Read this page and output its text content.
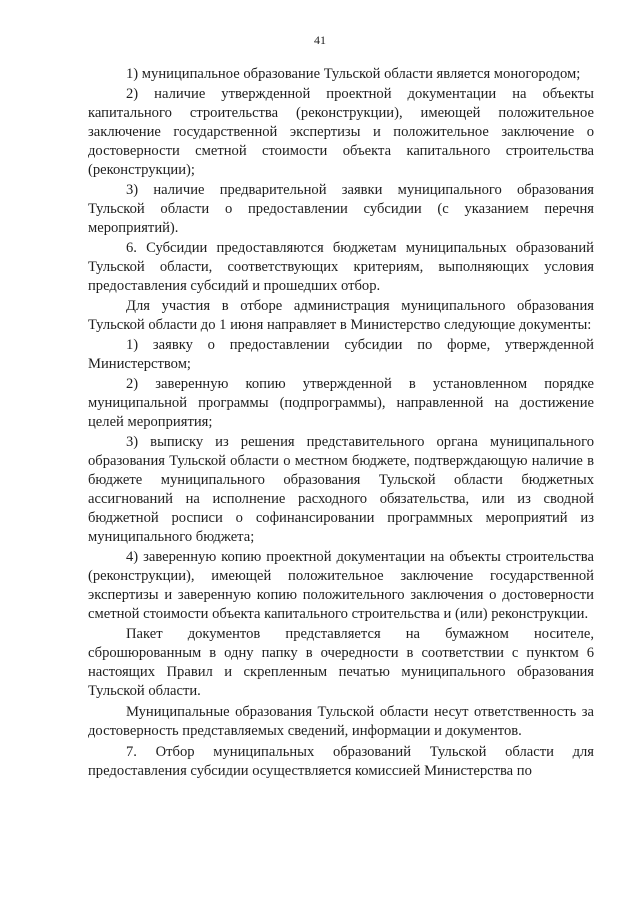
41

1) муниципальное образование Тульской области является моногородом;

2) наличие утвержденной проектной документации на объекты капитального строительства (реконструкции), имеющей положительное заключение государственной экспертизы и положительное заключение о достоверности сметной стоимости объекта капитального строительства (реконструкции);

3) наличие предварительной заявки муниципального образования Тульской области о предоставлении субсидии (с указанием перечня мероприятий).

6. Субсидии предоставляются бюджетам муниципальных образований Тульской области, соответствующих критериям, выполняющих условия предоставления субсидий и прошедших отбор.

Для участия в отборе администрация муниципального образования Тульской области до 1 июня направляет в Министерство следующие документы:

1) заявку о предоставлении субсидии по форме, утвержденной Министерством;

2) заверенную копию утвержденной в установленном порядке муниципальной программы (подпрограммы), направленной на достижение целей мероприятия;

3) выписку из решения представительного органа муниципального образования Тульской области о местном бюджете, подтверждающую наличие в бюджете муниципального образования Тульской области бюджетных ассигнований на исполнение расходного обязательства, или из сводной бюджетной росписи о софинансировании программных мероприятий из муниципального бюджета;

4) заверенную копию проектной документации на объекты строительства (реконструкции), имеющей положительное заключение государственной экспертизы и заверенную копию положительного заключения о достоверности сметной стоимости объекта капитального строительства и (или) реконструкции.

Пакет документов представляется на бумажном носителе, сброшюрованным в одну папку в очередности в соответствии с пунктом 6 настоящих Правил и скрепленным печатью муниципального образования Тульской области.

Муниципальные образования Тульской области несут ответственность за достоверность представляемых сведений, информации и документов.

7. Отбор муниципальных образований Тульской области для предоставления субсидии осуществляется комиссией Министерства по
